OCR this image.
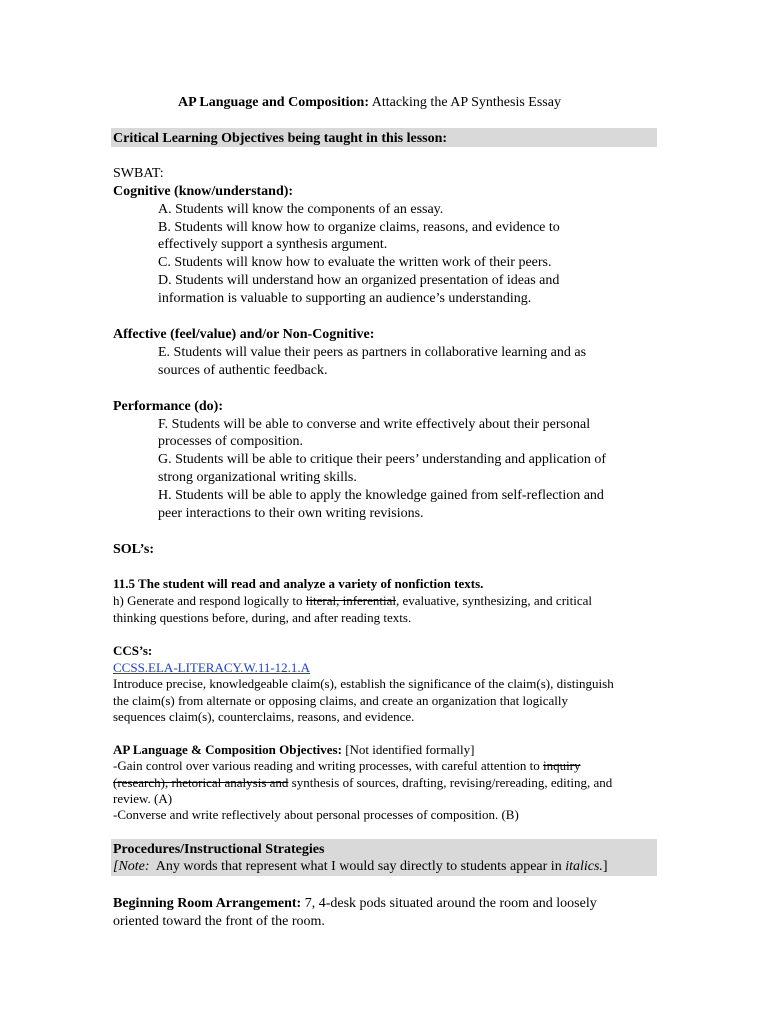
AP Language and Composition: Attacking the AP Synthesis Essay
Critical Learning Objectives being taught in this lesson:
SWBAT:
Cognitive (know/understand):
A. Students will know the components of an essay.
B. Students will know how to organize claims, reasons, and evidence to
effectively support a synthesis argument.
C. Students will know how to evaluate the written work of their peers.
D. Students will understand how an organized presentation of ideas and
information is valuable to supporting an audience’s understanding.
Affective (feel/value) and/or Non-Cognitive:
E. Students will value their peers as partners in collaborative learning and as
sources of authentic feedback.
Performance (do):
F. Students will be able to converse and write effectively about their personal
processes of composition.
G. Students will be able to critique their peers’ understanding and application of
strong organizational writing skills.
H. Students will be able to apply the knowledge gained from self-reflection and
peer interactions to their own writing revisions.
SOL’s:
11.5 The student will read and analyze a variety of nonfiction texts.
h) Generate and respond logically to literal, inferential, evaluative, synthesizing, and critical
thinking questions before, during, and after reading texts.
CCS’s:
CCSS.ELA-LITERACY.W.11-12.1.A
Introduce precise, knowledgeable claim(s), establish the significance of the claim(s), distinguish
the claim(s) from alternate or opposing claims, and create an organization that logically
sequences claim(s), counterclaims, reasons, and evidence.
AP Language & Composition Objectives: [Not identified formally]
-Gain control over various reading and writing processes, with careful attention to inquiry
(research), rhetorical analysis and synthesis of sources, drafting, revising/rereading, editing, and
review. (A)
-Converse and write reflectively about personal processes of composition. (B)
Procedures/Instructional Strategies
[Note:  Any words that represent what I would say directly to students appear in italics.]
Beginning Room Arrangement: 7, 4-desk pods situated around the room and loosely
oriented toward the front of the room.
